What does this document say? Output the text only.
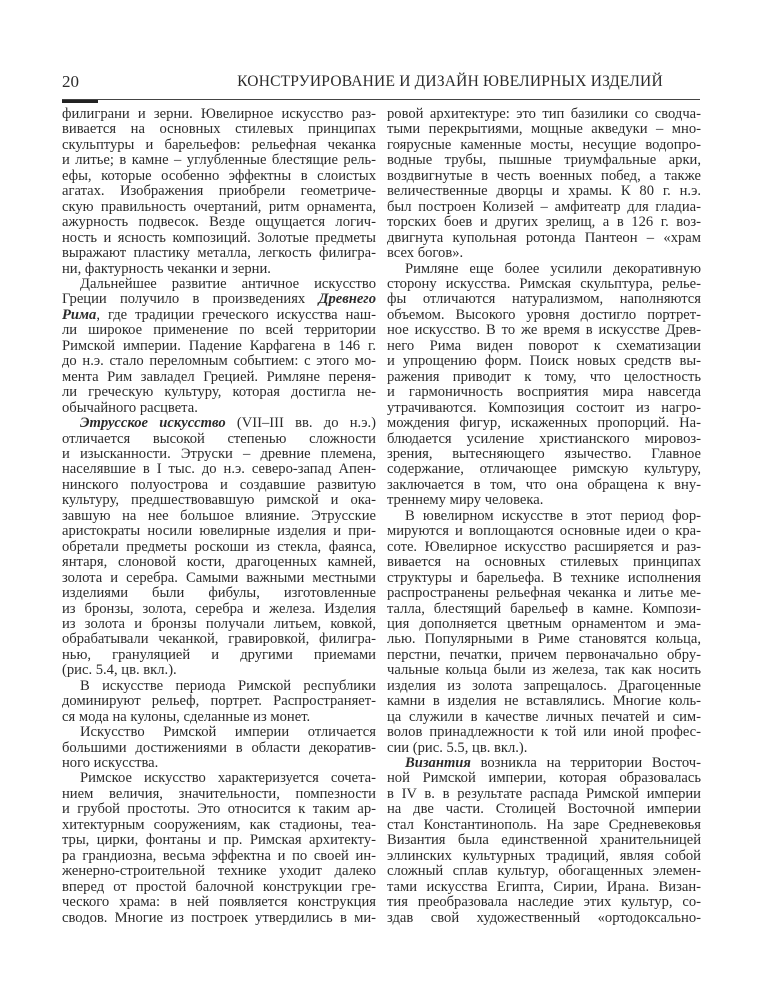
20	КОНСТРУИРОВАНИЕ И ДИЗАЙН ЮВЕЛИРНЫХ ИЗДЕЛИЙ
филиграни и зерни. Ювелирное искусство раз-
вивается на основных стилевых принципах
скульптуры и барельефов: рельефная чеканка
и литье; в камне – углубленные блестящие рель-
ефы, которые особенно эффектны в слоистых
агатах. Изображения приобрели геометриче-
скую правильность очертаний, ритм орнамента,
ажурность подвесок. Везде ощущается логич-
ность и ясность композиций. Золотые предметы
выражают пластику металла, легкость филигра-
ни, фактурность чеканки и зерни.
Дальнейшее развитие античное искусство
Греции получило в произведениях Древнего
Рима, где традиции греческого искусства наш-
ли широкое применение по всей территории
Римской империи. Падение Карфагена в 146 г.
до н.э. стало переломным событием: с этого мо-
мента Рим завладел Грецией. Римляне переня-
ли греческую культуру, которая достигла не-
обычайного расцвета.
Этрусское искусство (VII–III вв. до н.э.)
отличается высокой степенью сложности
и изысканности. Этруски – древние племена,
населявшие в I тыс. до н.э. северо-запад Апен-
нинского полуострова и создавшие развитую
культуру, предшествовавшую римской и ока-
завшую на нее большое влияние. Этрусские
аристократы носили ювелирные изделия и при-
обретали предметы роскоши из стекла, фаянса,
янтаря, слоновой кости, драгоценных камней,
золота и серебра. Самыми важными местными
изделиями были фибулы, изготовленные
из бронзы, золота, серебра и железа. Изделия
из золота и бронзы получали литьем, ковкой,
обрабатывали чеканкой, гравировкой, филигра-
нью, грануляцией и другими приемами
(рис. 5.4, цв. вкл.).
В искусстве периода Римской республики
доминируют рельеф, портрет. Распространяет-
ся мода на кулоны, сделанные из монет.
Искусство Римской империи отличается
большими достижениями в области декоратив-
ного искусства.
Римское искусство характеризуется сочета-
нием величия, значительности, помпезности
и грубой простоты. Это относится к таким ар-
хитектурным сооружениям, как стадионы, теа-
тры, цирки, фонтаны и пр. Римская архитекту-
ра грандиозна, весьма эффектна и по своей ин-
женерно-строительной технике уходит далеко
вперед от простой балочной конструкции гре-
ческого храма: в ней появляется конструкция
сводов. Многие из построек утвердились в ми-
ровой архитектуре: это тип базилики со сводча-
тыми перекрытиями, мощные акведуки – мно-
гоярусные каменные мосты, несущие водопро-
водные трубы, пышные триумфальные арки,
воздвигнутые в честь военных побед, а также
величественные дворцы и храмы. К 80 г. н.э.
был построен Колизей – амфитеатр для гладиа-
торских боев и других зрелищ, а в 126 г. воз-
двигнута купольная ротонда Пантеон – «храм
всех богов».
Римляне еще более усилили декоративную
сторону искусства. Римская скульптура, релье-
фы отличаются натурализмом, наполняются
объемом. Высокого уровня достигло портрет-
ное искусство. В то же время в искусстве Древ-
него Рима виден поворот к схематизации
и упрощению форм. Поиск новых средств вы-
ражения приводит к тому, что целостность
и гармоничность восприятия мира навсегда
утрачиваются. Композиция состоит из нагро-
мождения фигур, искаженных пропорций. На-
блюдается усиление христианского мировоз-
зрения, вытесняющего язычество. Главное
содержание, отличающее римскую культуру,
заключается в том, что она обращена к вну-
треннему миру человека.
В ювелирном искусстве в этот период фор-
мируются и воплощаются основные идеи о кра-
соте. Ювелирное искусство расширяется и раз-
вивается на основных стилевых принципах
структуры и барельефа. В технике исполнения
распространены рельефная чеканка и литье ме-
талла, блестящий барельеф в камне. Компози-
ция дополняется цветным орнаментом и эма-
лью. Популярными в Риме становятся кольца,
перстни, печатки, причем первоначально обру-
чальные кольца были из железа, так как носить
изделия из золота запрещалось. Драгоценные
камни в изделия не вставлялись. Многие коль-
ца служили в качестве личных печатей и сим-
волов принадлежности к той или иной профес-
сии (рис. 5.5, цв. вкл.).
Византия возникла на территории Восточ-
ной Римской империи, которая образовалась
в IV в. в результате распада Римской империи
на две части. Столицей Восточной империи
стал Константинополь. На заре Средневековья
Византия была единственной хранительницей
эллинских культурных традиций, являя собой
сложный сплав культур, обогащенных элемен-
тами искусства Египта, Сирии, Ирана. Визан-
тия преобразовала наследие этих культур, со-
здав свой художественный «ортодоксально-
